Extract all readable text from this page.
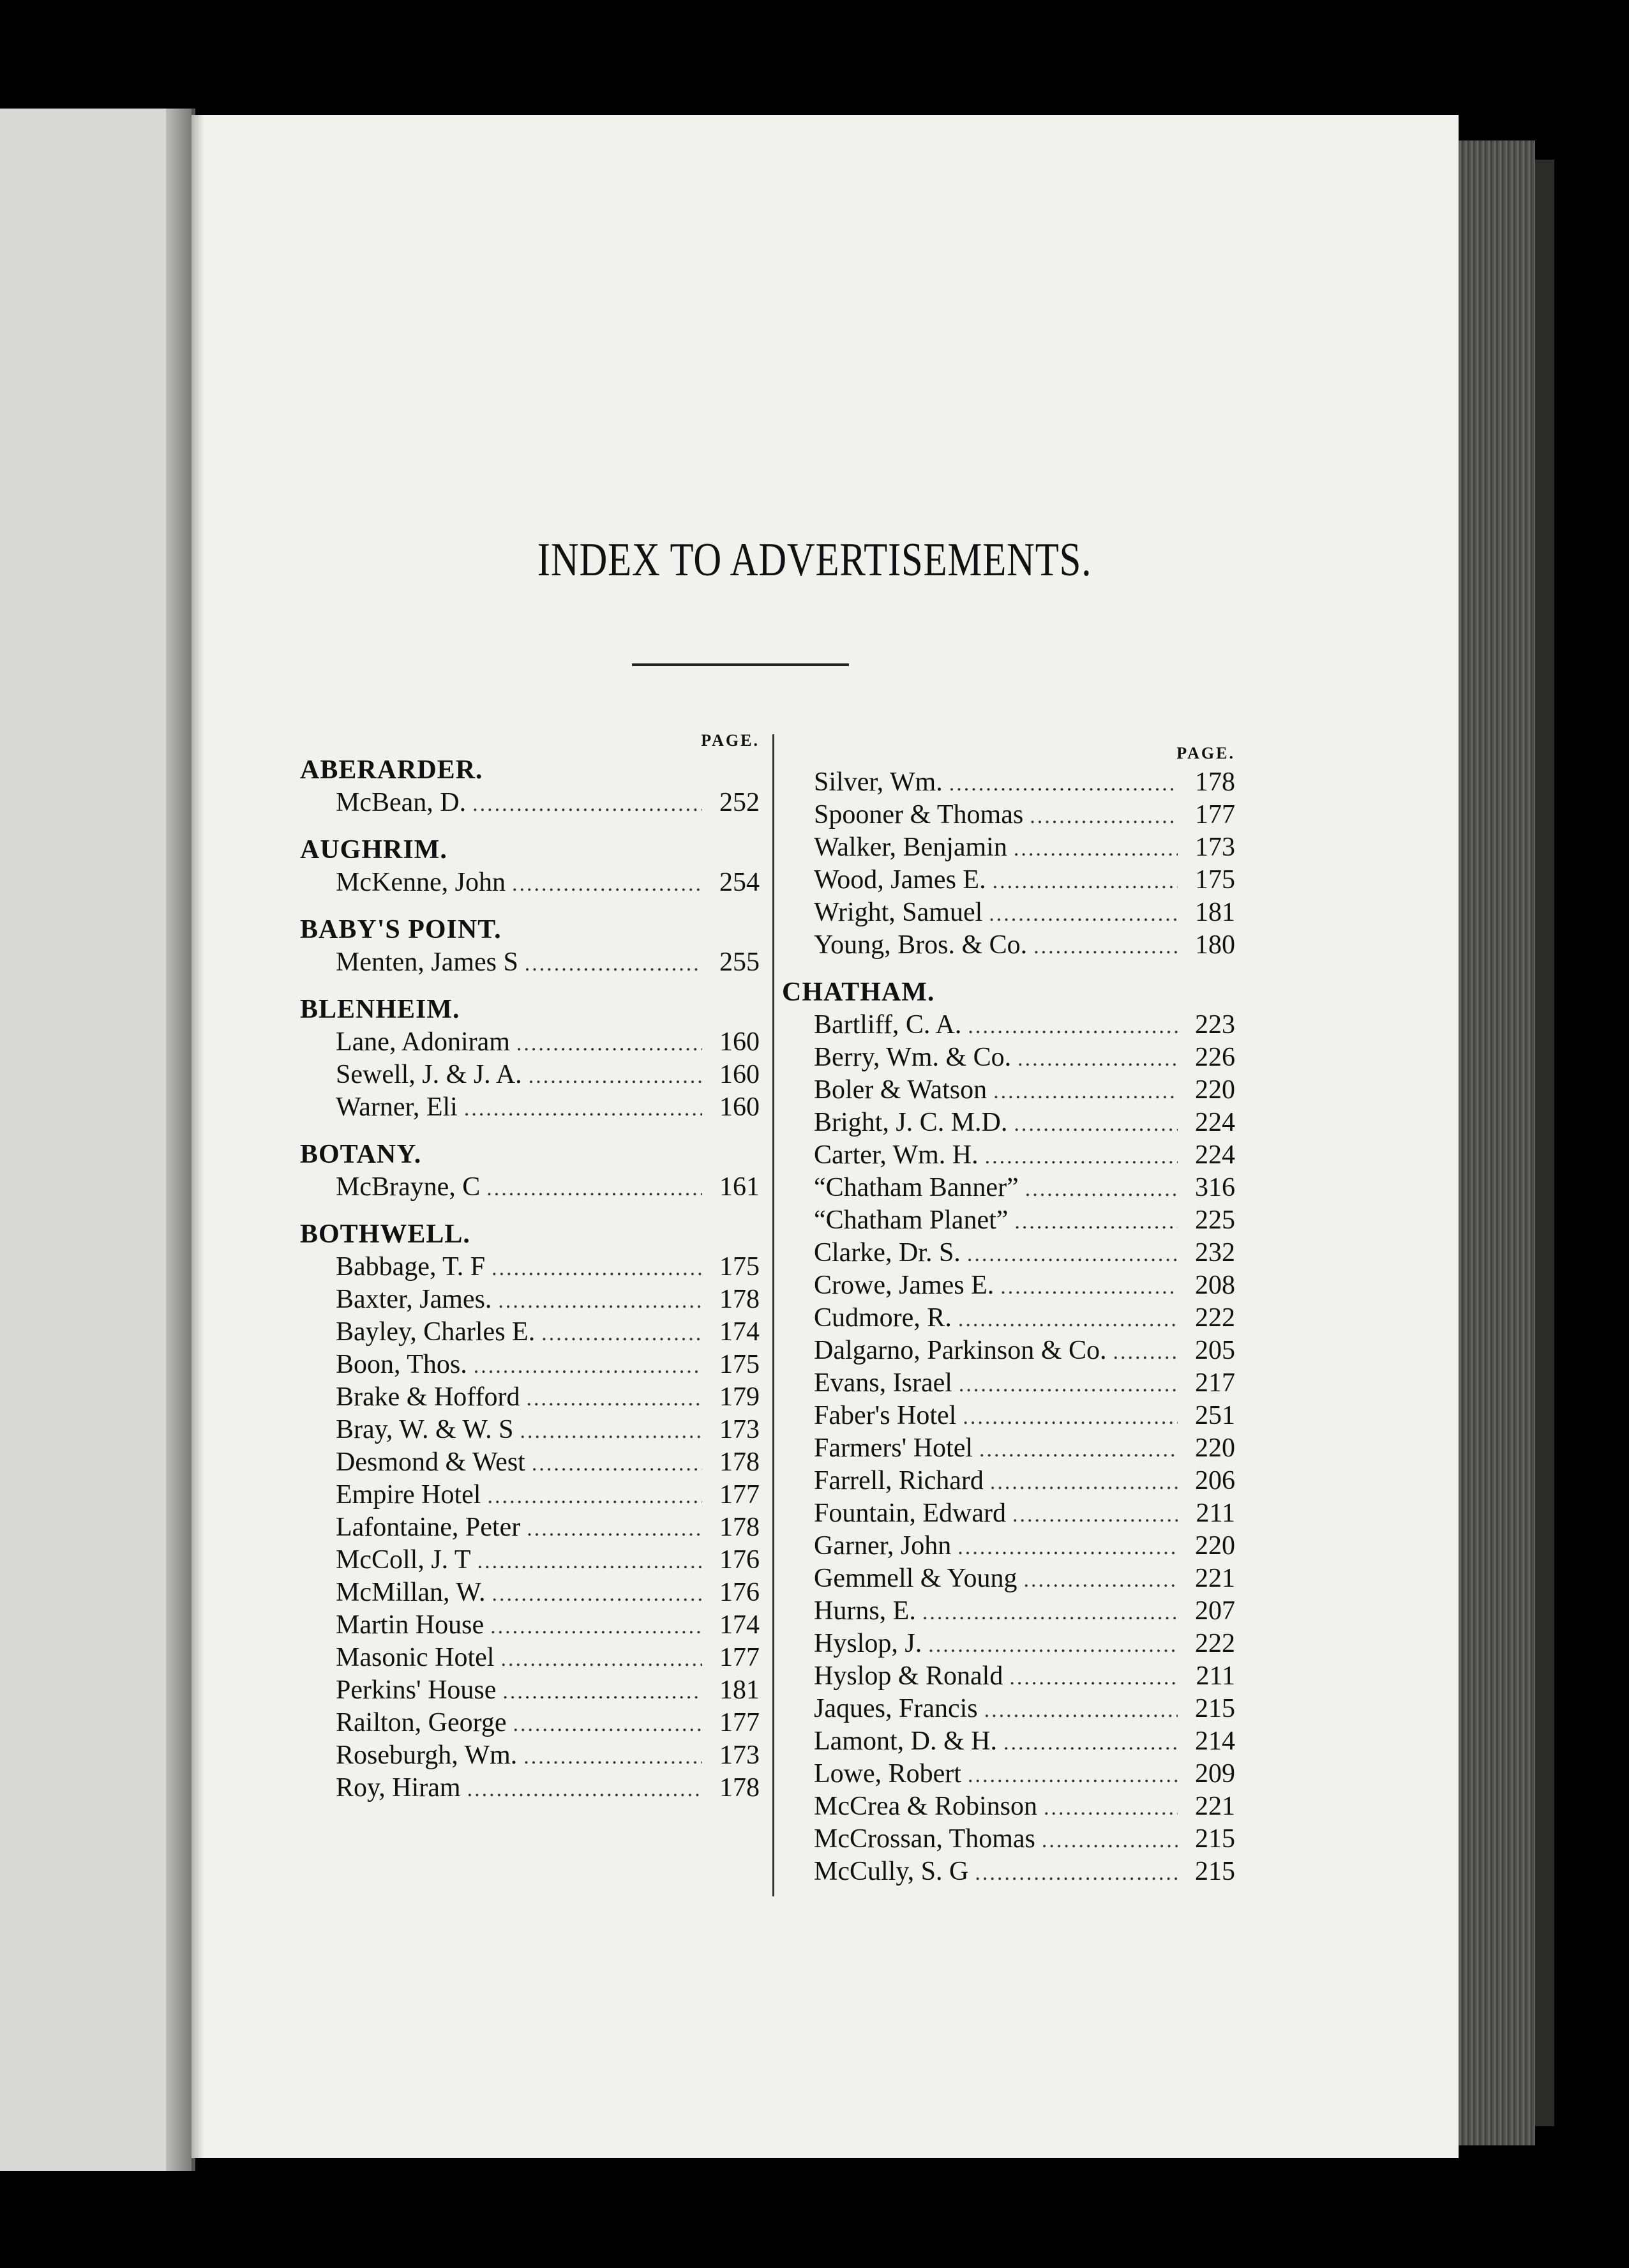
INDEX TO ADVERTISEMENTS.
PAGE.
ABERARDER.
McBean, D. .....	252
AUGHRIM.
McKenne, John .....	254
BABY'S POINT.
Menten, James S .....	255
BLENHEIM.
Lane, Adoniram .....	160
Sewell, J. & J. A. .....	160
Warner, Eli .....	160
BOTANY.
McBrayne, C .....	161
BOTHWELL.
Babbage, T. F .....	175
Baxter, James. .....	178
Bayley, Charles E. .....	174
Boon, Thos. .....	175
Brake & Hofford .....	179
Bray, W. & W. S .....	173
Desmond & West .....	178
Empire Hotel .....	177
Lafontaine, Peter .....	178
McColl, J. T .....	176
McMillan, W. .....	176
Martin House .....	174
Masonic Hotel .....	177
Perkins' House .....	181
Railton, George .....	177
Roseburgh, Wm. .....	173
Roy, Hiram .....	178
PAGE.
Silver, Wm. .....	178
Spooner & Thomas .....	177
Walker, Benjamin .....	173
Wood, James E. .....	175
Wright, Samuel .....	181
Young, Bros. & Co. .....	180
CHATHAM.
Bartliff, C. A. .....	223
Berry, Wm. & Co. .....	226
Boler & Watson .....	220
Bright, J. C. M.D. .....	224
Carter, Wm. H. .....	224
“Chatham Banner” .....	316
“Chatham Planet” .....	225
Clarke, Dr. S. .....	232
Crowe, James E. .....	208
Cudmore, R. .....	222
Dalgarno, Parkinson & Co. .....	205
Evans, Israel .....	217
Faber's Hotel .....	251
Farmers' Hotel .....	220
Farrell, Richard .....	206
Fountain, Edward .....	211
Garner, John .....	220
Gemmell & Young .....	221
Hurns, E. .....	207
Hyslop, J. .....	222
Hyslop & Ronald .....	211
Jaques, Francis .....	215
Lamont, D. & H. .....	214
Lowe, Robert .....	209
McCrea & Robinson .....	221
McCrossan, Thomas .....	215
McCully, S. G .....	215
